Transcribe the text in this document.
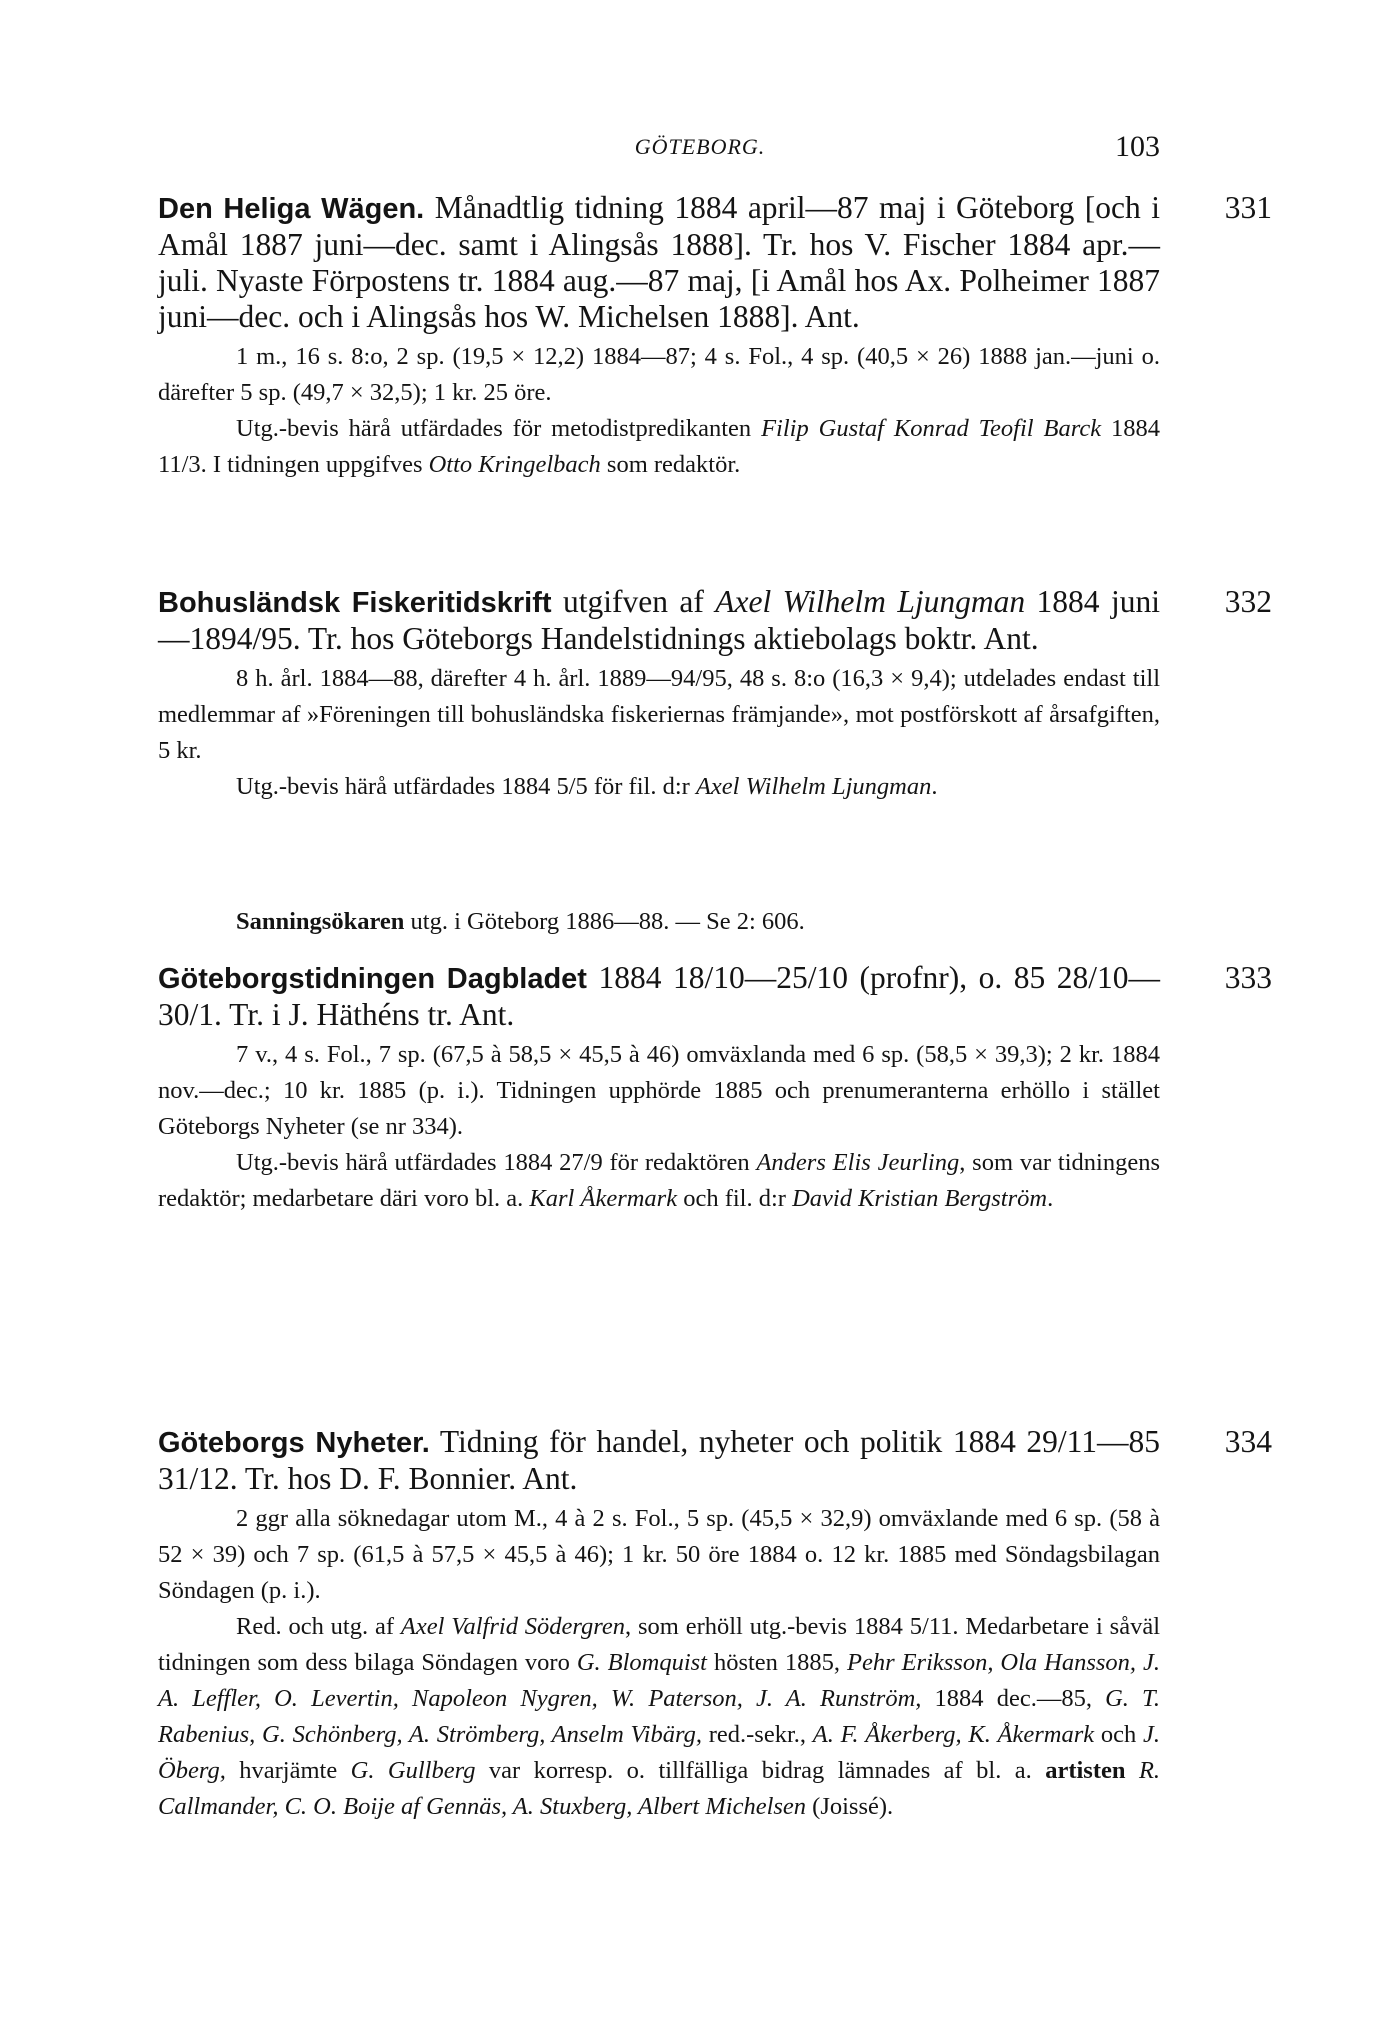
GÖTEBORG.	103
331

Den Heliga Wägen. Månadtlig tidning 1884 april—87 maj i Göteborg [och i Amål 1887 juni—dec. samt i Alingsås 1888]. Tr. hos V. Fischer 1884 apr.—juli. Nyaste Förpostens tr. 1884 aug.—87 maj, [i Amål hos Ax. Polheimer 1887 juni—dec. och i Alingsås hos W. Michelsen 1888]. Ant.

1 m., 16 s. 8:o, 2 sp. (19,5 × 12,2) 1884—87; 4 s. Fol., 4 sp. (40,5 × 26) 1888 jan.—juni o. därefter 5 sp. (49,7 × 32,5); 1 kr. 25 öre.

Utg.-bevis härå utfärdades för metodistpredikanten Filip Gustaf Konrad Teofil Barck 1884 11/3. I tidningen uppgifves Otto Kringelbach som redaktör.

332

Bohusländsk Fiskeritidskrift utgifven af Axel Wilhelm Ljungman 1884 juni—1894/95. Tr. hos Göteborgs Handelstidnings aktiebolags boktr. Ant.

8 h. årl. 1884—88, därefter 4 h. årl. 1889—94/95, 48 s. 8:o (16,3 × 9,4); utdelades endast till medlemmar af »Föreningen till bohusländska fiskeriernas främjande», mot postförskott af årsafgiften, 5 kr.

Utg.-bevis härå utfärdades 1884 5/5 för fil. d:r Axel Wilhelm Ljungman.

Sanningsökaren utg. i Göteborg 1886—88. — Se 2: 606.

333

Göteborgstidningen Dagbladet 1884 18/10—25/10 (profnr), o. 85 28/10—30/1. Tr. i J. Häthéns tr. Ant.

7 v., 4 s. Fol., 7 sp. (67,5 à 58,5 × 45,5 à 46) omväxlanda med 6 sp. (58,5 × 39,3); 2 kr. 1884 nov.—dec.; 10 kr. 1885 (p. i.). Tidningen upphörde 1885 och prenumeranterna erhöllo i stället Göteborgs Nyheter (se nr 334).

Utg.-bevis härå utfärdades 1884 27/9 för redaktören Anders Elis Jeurling, som var tidningens redaktör; medarbetare däri voro bl. a. Karl Åkermark och fil. d:r David Kristian Bergström.

334

Göteborgs Nyheter. Tidning för handel, nyheter och politik 1884 29/11—85 31/12. Tr. hos D. F. Bonnier. Ant.

2 ggr alla söknedagar utom M., 4 à 2 s. Fol., 5 sp. (45,5 × 32,9) omväxlande med 6 sp. (58 à 52 × 39) och 7 sp. (61,5 à 57,5 × 45,5 à 46); 1 kr. 50 öre 1884 o. 12 kr. 1885 med Söndagsbilagan Söndagen (p. i.).

Red. och utg. af Axel Valfrid Södergren, som erhöll utg.-bevis 1884 5/11. Medarbetare i såväl tidningen som dess bilaga Söndagen voro G. Blomquist hösten 1885, Pehr Eriksson, Ola Hansson, J. A. Leffler, O. Levertin, Napoleon Nygren, W. Paterson, J. A. Runström, 1884 dec.—85, G. T. Rabenius, G. Schönberg, A. Strömberg, Anselm Vibärg, red.-sekr., A. F. Åkerberg, K. Åkermark och J. Öberg, hvarjämte G. Gullberg var korresp. o. tillfälliga bidrag lämnades af bl. a. artisten R. Callmander, C. O. Boije af Gennäs, A. Stuxberg, Albert Michelsen (Joissé).
